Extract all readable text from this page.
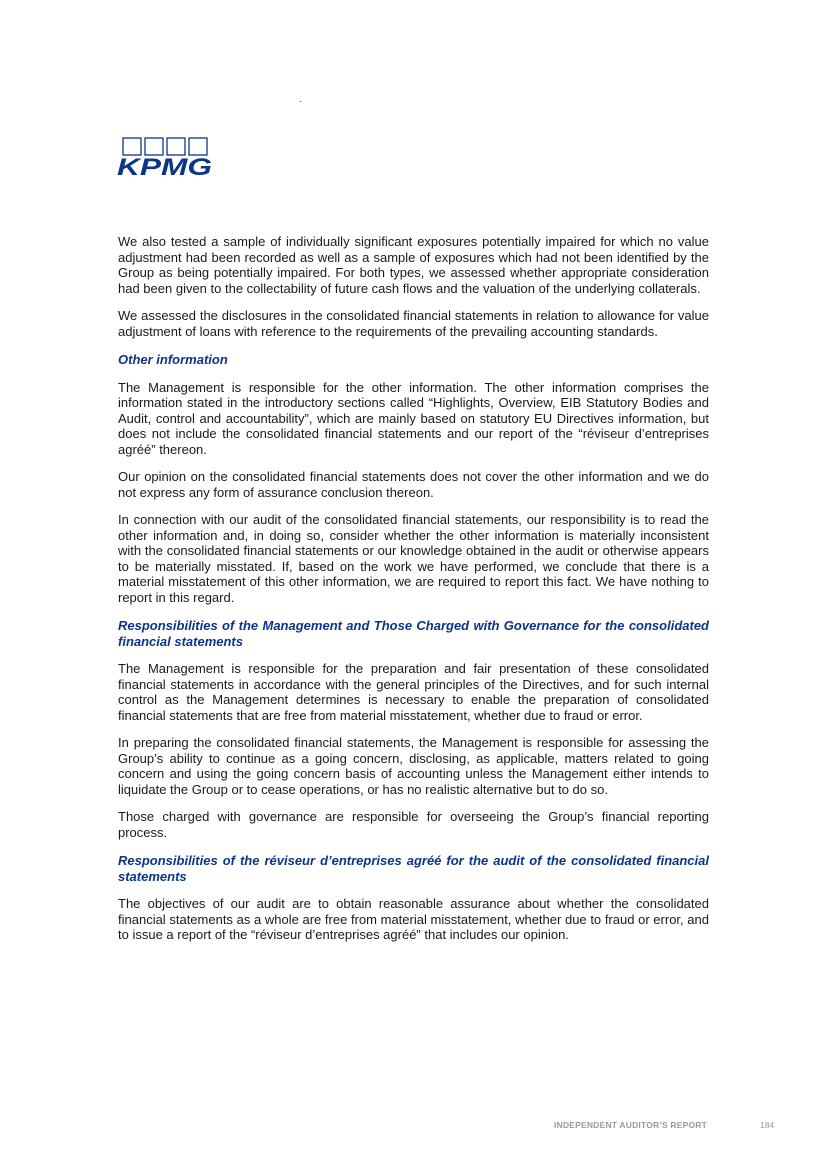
KPMG

We also tested a sample of individually significant exposures potentially impaired for which no value adjustment had been recorded as well as a sample of exposures which had not been identified by the Group as being potentially impaired. For both types, we assessed whether appropriate consideration had been given to the collectability of future cash flows and the valuation of the underlying collaterals.

We assessed the disclosures in the consolidated financial statements in relation to allowance for value adjustment of loans with reference to the requirements of the prevailing accounting standards.

Other information

The Management is responsible for the other information. The other information comprises the information stated in the introductory sections called “Highlights, Overview, EIB Statutory Bodies and Audit, control and accountability”, which are mainly based on statutory EU Directives information, but does not include the consolidated financial statements and our report of the “réviseur d’entreprises agréé” thereon.

Our opinion on the consolidated financial statements does not cover the other information and we do not express any form of assurance conclusion thereon.

In connection with our audit of the consolidated financial statements, our responsibility is to read the other information and, in doing so, consider whether the other information is materially inconsistent with the consolidated financial statements or our knowledge obtained in the audit or otherwise appears to be materially misstated. If, based on the work we have performed, we conclude that there is a material misstatement of this other information, we are required to report this fact. We have nothing to report in this regard.

Responsibilities of the Management and Those Charged with Governance for the consolidated financial statements

The Management is responsible for the preparation and fair presentation of these consolidated financial statements in accordance with the general principles of the Directives, and for such internal control as the Management determines is necessary to enable the preparation of consolidated financial statements that are free from material misstatement, whether due to fraud or error.

In preparing the consolidated financial statements, the Management is responsible for assessing the Group’s ability to continue as a going concern, disclosing, as applicable, matters related to going concern and using the going concern basis of accounting unless the Management either intends to liquidate the Group or to cease operations, or has no realistic alternative but to do so.

Those charged with governance are responsible for overseeing the Group’s financial reporting process.

Responsibilities of the réviseur d’entreprises agréé for the audit of the consolidated financial statements

The objectives of our audit are to obtain reasonable assurance about whether the consolidated financial statements as a whole are free from material misstatement, whether due to fraud or error, and to issue a report of the “réviseur d’entreprises agréé” that includes our opinion.

INDEPENDENT AUDITOR’S REPORT	184
